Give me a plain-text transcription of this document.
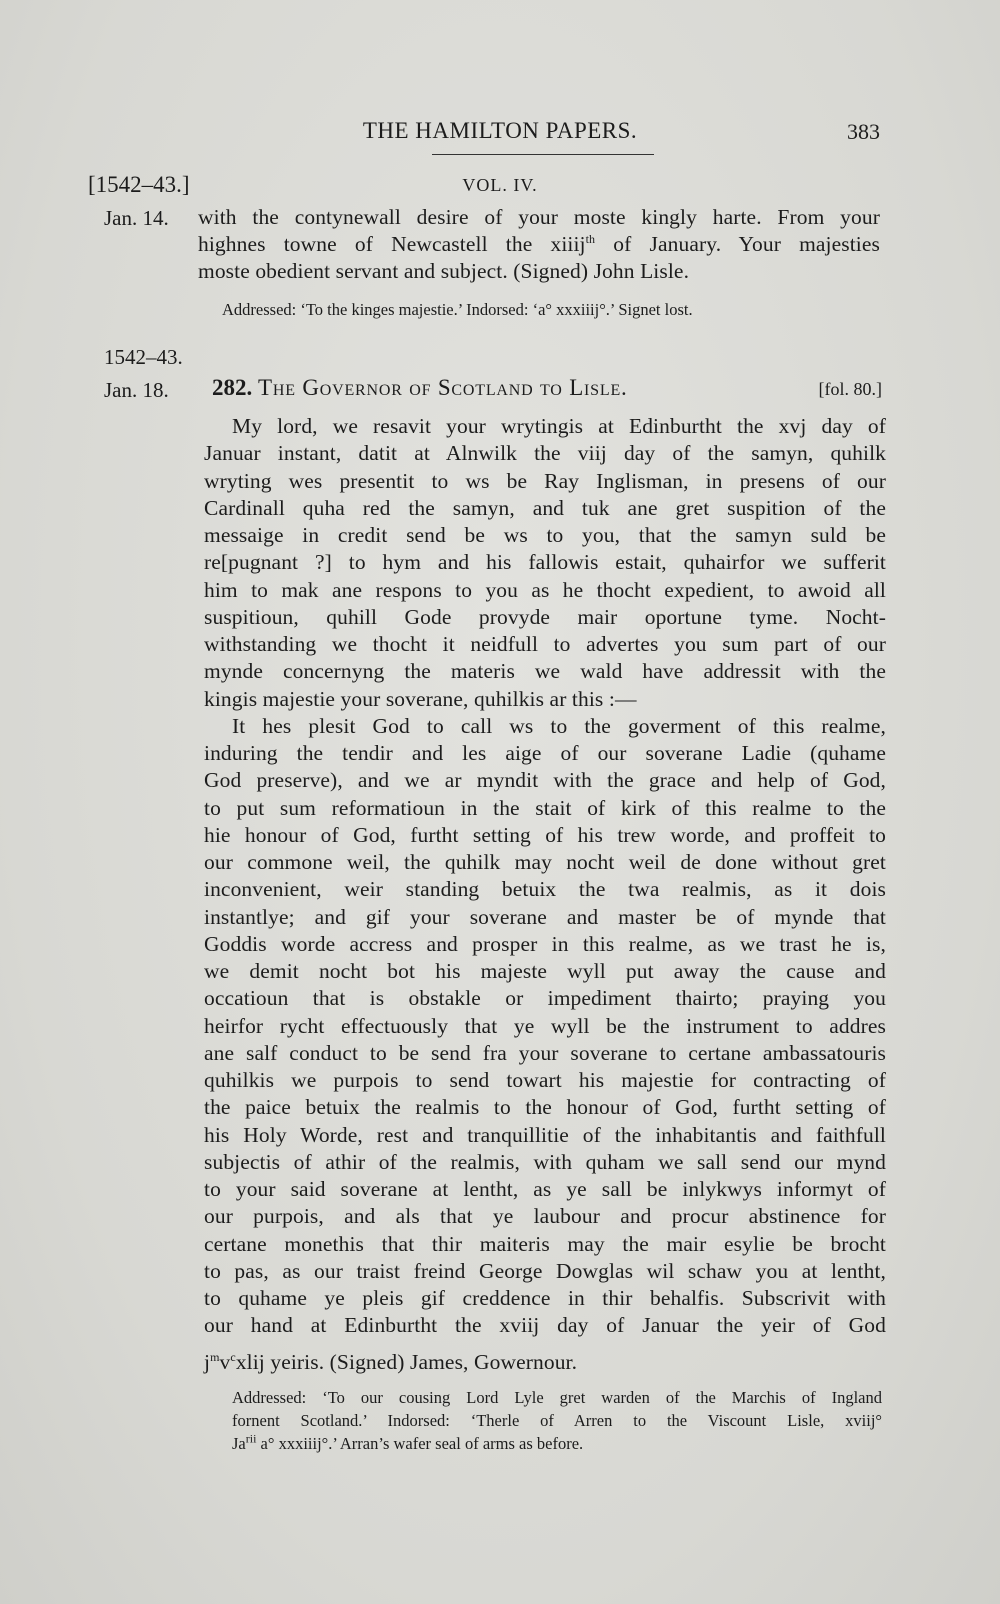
THE HAMILTON PAPERS.	383
[1542–43.]	VOL. IV.
Jan. 14. with the contynewall desire of your moste kingly harte. From your
highnes towne of Newcastell the xiiij$^{th}$ of January. Your majesties
moste obedient servant and subject. (Signed) John Lisle.
Addressed: ‘To the kinges majestie.’ Indorsed: ‘a° xxxiiij°.’ Signet lost.
1542–43.
Jan. 18. 282. The Governor of Scotland to Lisle.	[fol. 80.]
My lord, we resavit your wrytingis at Edinburtht the xvj day of
Januar instant, datit at Alnwilk the viij day of the samyn, quhilk
wryting wes presentit to ws be Ray Inglisman, in presens of our
Cardinall quha red the samyn, and tuk ane gret suspition of the
messaige in credit send be ws to you, that the samyn suld be
re[pugnant ?] to hym and his fallowis estait, quhairfor we sufferit
him to mak ane respons to you as he thocht expedient, to awoid all
suspitioun, quhill Gode provyde mair oportune tyme. Nocht-
withstanding we thocht it neidfull to advertes you sum part of our
mynde concernyng the materis we wald have addressit with the
kingis majestie your soverane, quhilkis ar this :—
It hes plesit God to call ws to the goverment of this realme,
induring the tendir and les aige of our soverane Ladie (quhame
God preserve), and we ar myndit with the grace and help of God,
to put sum reformatioun in the stait of kirk of this realme to the
hie honour of God, furtht setting of his trew worde, and proffeit to
our commone weil, the quhilk may nocht weil de done without gret
inconvenient, weir standing betuix the twa realmis, as it dois
instantlye; and gif your soverane and master be of mynde that
Goddis worde accress and prosper in this realme, as we trast he is,
we demit nocht bot his majeste wyll put away the cause and
occatioun that is obstakle or impediment thairto; praying you
heirfor rycht effectuously that ye wyll be the instrument to addres
ane salf conduct to be send fra your soverane to certane ambassatouris
quhilkis we purpois to send towart his majestie for contracting of
the paice betuix the realmis to the honour of God, furtht setting of
his Holy Worde, rest and tranquillitie of the inhabitantis and faithfull
subjectis of athir of the realmis, with quham we sall send our mynd
to your said soverane at lentht, as ye sall be inlykwys informyt of
our purpois, and als that ye laubour and procur abstinence for
certane monethis that thir maiteris may the mair esylie be brocht
to pas, as our traist freind George Dowglas wil schaw you at lentht,
to quhame ye pleis gif creddence in thir behalfis. Subscrivit with
our hand at Edinburtht the xviij day of Januar the yeir of God
$j^mv^cxlij$ yeiris. (Signed) James, Gowernour.
Addressed: ‘To our cousing Lord Lyle gret warden of the Marchis of Ingland
fornent Scotland.’ Indorsed: ‘Therle of Arren to the Viscount Lisle, xviij°
$Ja^{rii}$ a° xxxiiij°.’ Arran’s wafer seal of arms as before.
